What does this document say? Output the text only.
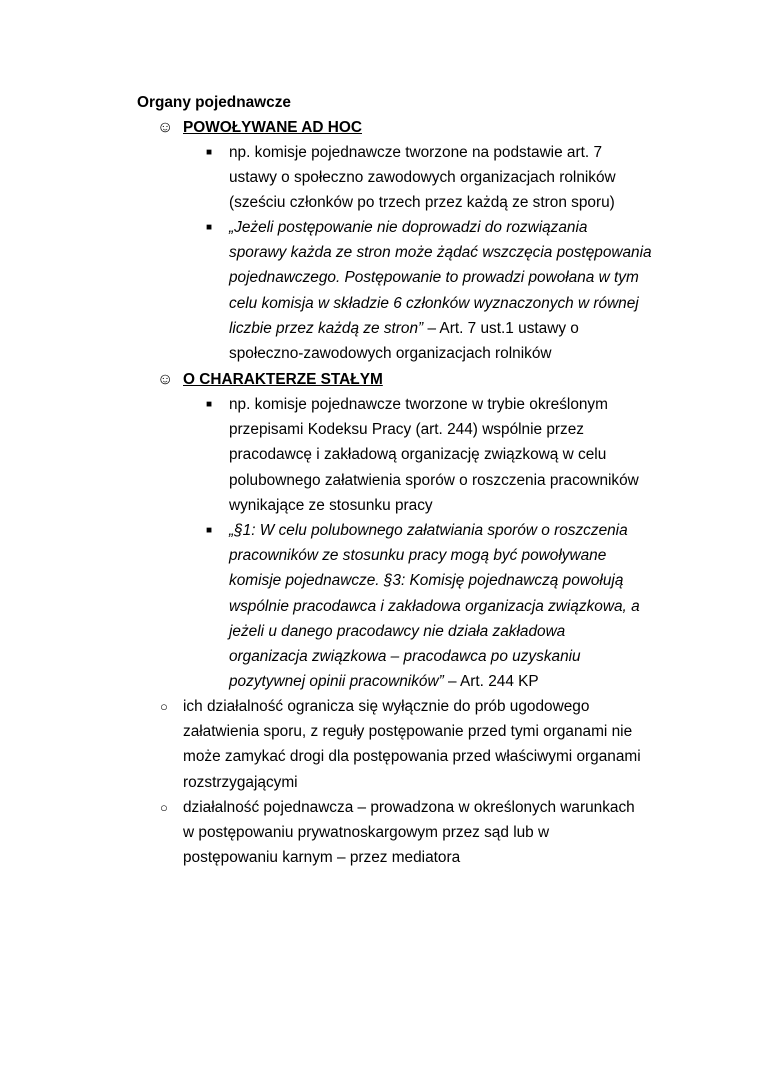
Organy pojednawcze
☺ POWOŁYWANE AD HOC
■ np. komisje pojednawcze tworzone na podstawie art. 7
ustawy o społeczno zawodowych organizacjach rolników
(sześciu członków po trzech przez każdą ze stron sporu)
■ „Jeżeli postępowanie nie doprowadzi do rozwiązania
sporawy każda ze stron może żądać wszczęcia postępowania
pojednawczego. Postępowanie to prowadzi powołana w tym
celu komisja w składzie 6 członków wyznaczonych w równej
liczbie przez każdą ze stron” – Art. 7 ust.1 ustawy o
społeczno-zawodowych organizacjach rolników
☺ O CHARAKTERZE STAŁYM
■ np. komisje pojednawcze tworzone w trybie określonym
przepisami Kodeksu Pracy (art. 244) wspólnie przez
pracodawcę i zakładową organizację związkową w celu
polubownego załatwienia sporów o roszczenia pracowników
wynikające ze stosunku pracy
■ „§1: W celu polubownego załatwiania sporów o roszczenia
pracowników ze stosunku pracy mogą być powoływane
komisje pojednawcze. §3: Komisję pojednawczą powołują
wspólnie pracodawca i zakładowa organizacja związkowa, a
jeżeli u danego pracodawcy nie działa zakładowa
organizacja związkowa – pracodawca po uzyskaniu
pozytywnej opinii pracowników” – Art. 244 KP
○ ich działalność ogranicza się wyłącznie do prób ugodowego
załatwienia sporu, z reguły postępowanie przed tymi organami nie
może zamykać drogi dla postępowania przed właściwymi organami
rozstrzygającymi
○ działalność pojednawcza – prowadzona w określonych warunkach
w postępowaniu prywatnoskargowym przez sąd lub w
postępowaniu karnym – przez mediatora
